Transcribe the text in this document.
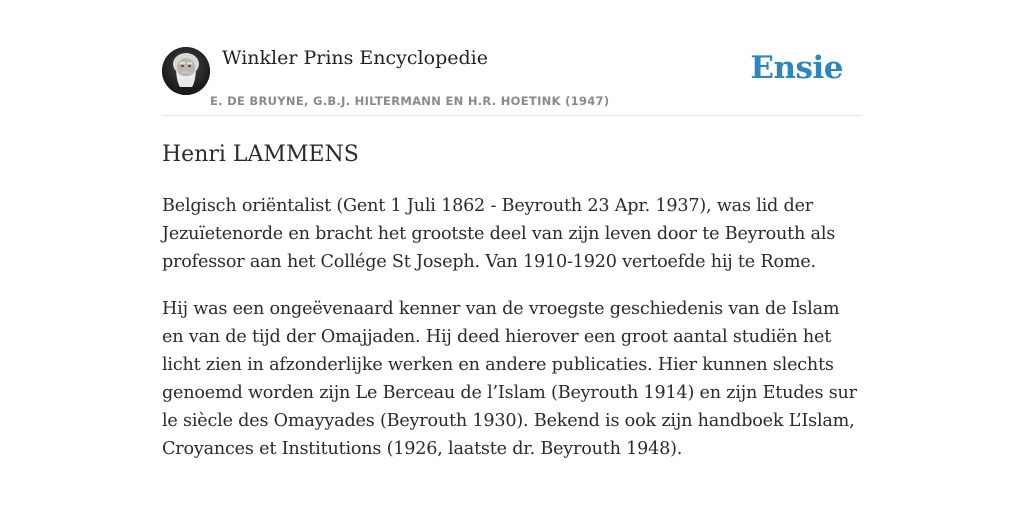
Winkler Prins Encyclopedie
E. DE BRUYNE, G.B.J. HILTERMANN EN H.R. HOETINK (1947)
Ensie
Henri LAMMENS

Belgisch oriëntalist (Gent 1 Juli 1862 - Beyrouth 23 Apr. 1937), was lid der Jezuïetenorde en bracht het grootste deel van zijn leven door te Beyrouth als professor aan het Collége St Joseph. Van 1910-1920 vertoefde hij te Rome.

Hij was een ongeëvenaard kenner van de vroegste geschiedenis van de Islam en van de tijd der Omajjaden. Hij deed hierover een groot aantal studiën het licht zien in afzonderlijke werken en andere publicaties. Hier kunnen slechts genoemd worden zijn Le Berceau de l’Islam (Beyrouth 1914) en zijn Etudes sur le siècle des Omayyades (Beyrouth 1930). Bekend is ook zijn handboek L’Islam, Croyances et Institutions (1926, laatste dr. Beyrouth 1948).
